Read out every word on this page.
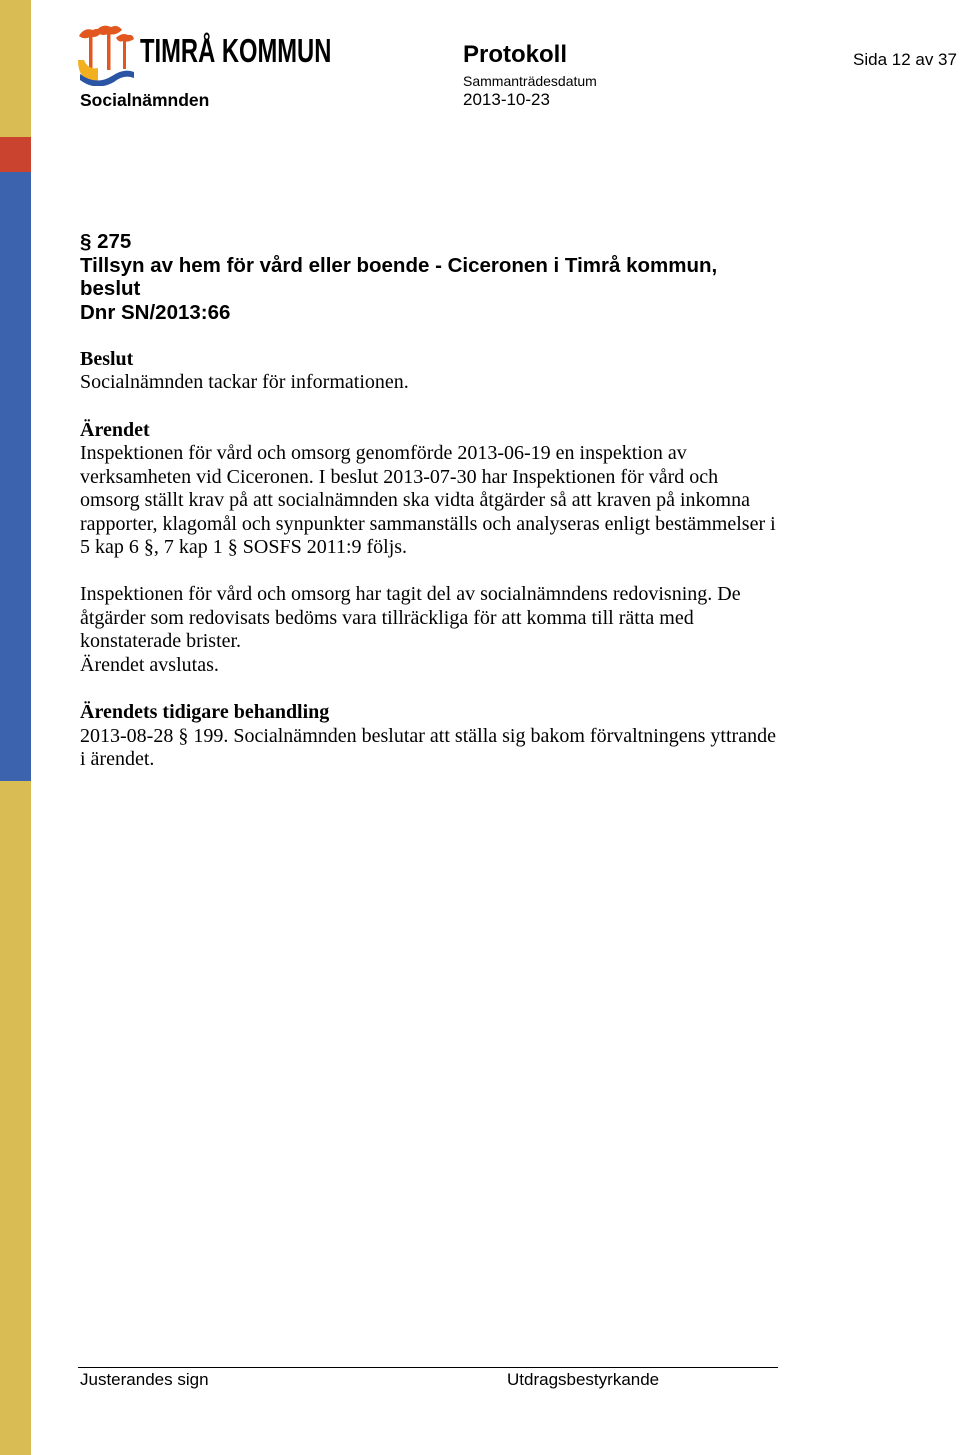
TIMRÅ KOMMUN
Socialnämnden
Protokoll
Sammanträdesdatum
2013-10-23
Sida 12 av 37
§ 275
Tillsyn av hem för vård eller boende - Ciceronen i Timrå kommun,
beslut
Dnr SN/2013:66
Beslut
Socialnämnden tackar för informationen.
Ärendet
Inspektionen för vård och omsorg genomförde 2013-06-19 en inspektion av
verksamheten vid Ciceronen. I beslut 2013-07-30 har Inspektionen för vård och
omsorg ställt krav på att socialnämnden ska vidta åtgärder så att kraven på inkomna
rapporter, klagomål och synpunkter sammanställs och analyseras enligt bestämmelser i
5 kap 6 §, 7 kap 1 § SOSFS 2011:9 följs.
Inspektionen för vård och omsorg har tagit del av socialnämndens redovisning. De
åtgärder som redovisats bedöms vara tillräckliga för att komma till rätta med
konstaterade brister.
Ärendet avslutas.
Ärendets tidigare behandling
2013-08-28 § 199. Socialnämnden beslutar att ställa sig bakom förvaltningens yttrande
i ärendet.
Justerandes sign	Utdragsbestyrkande
